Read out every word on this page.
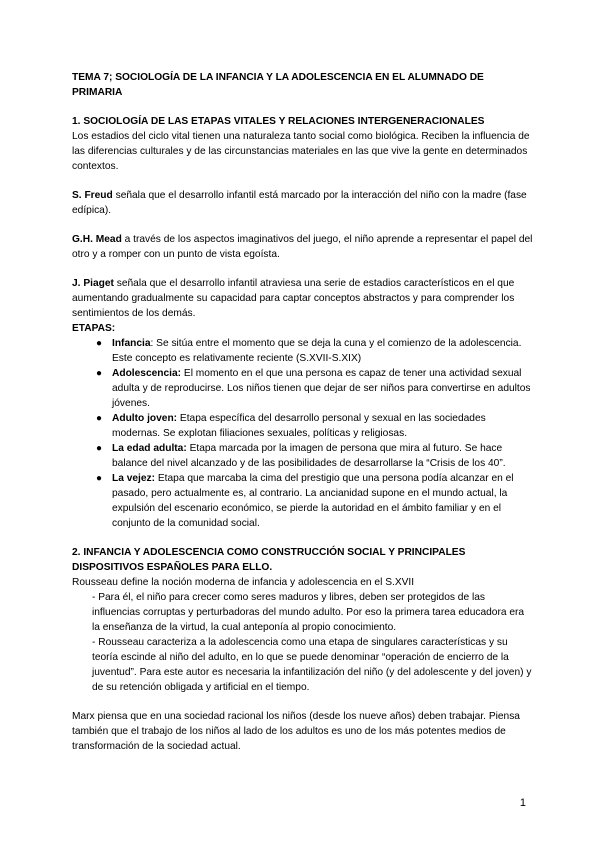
TEMA 7; SOCIOLOGÍA DE LA INFANCIA Y LA ADOLESCENCIA EN EL ALUMNADO DE PRIMARIA
1. SOCIOLOGÍA DE LAS ETAPAS VITALES Y RELACIONES INTERGENERACIONALES

Los estadios del ciclo vital tienen una naturaleza tanto social como biológica. Reciben la influencia de las diferencias culturales y de las circunstancias materiales en las que vive la gente en determinados contextos.

S. Freud señala que el desarrollo infantil está marcado por la interacción del niño con la madre (fase edípica).

G.H. Mead a través de los aspectos imaginativos del juego, el niño aprende a representar el papel del otro y a romper con un punto de vista egoísta.

J. Piaget señala que el desarrollo infantil atraviesa una serie de estadios característicos en el que aumentando gradualmente su capacidad para captar conceptos abstractos y para comprender los sentimientos de los demás.

ETAPAS:
● Infancia: Se sitúa entre el momento que se deja la cuna y el comienzo de la adolescencia. Este concepto es relativamente reciente (S.XVII-S.XIX)
● Adolescencia: El momento en el que una persona es capaz de tener una actividad sexual adulta y de reproducirse. Los niños tienen que dejar de ser niños para convertirse en adultos jóvenes.
● Adulto joven: Etapa específica del desarrollo personal y sexual en las sociedades modernas. Se explotan filiaciones sexuales, políticas y religiosas.
● La edad adulta: Etapa marcada por la imagen de persona que mira al futuro. Se hace balance del nivel alcanzado y de las posibilidades de desarrollarse la “Crisis de los 40”.
● La vejez: Etapa que marcaba la cima del prestigio que una persona podía alcanzar en el pasado, pero actualmente es, al contrario. La ancianidad supone en el mundo actual, la expulsión del escenario económico, se pierde la autoridad en el ámbito familiar y en el conjunto de la comunidad social.
2. INFANCIA Y ADOLESCENCIA COMO CONSTRUCCIÓN SOCIAL Y PRINCIPALES DISPOSITIVOS ESPAÑOLES PARA ELLO.

Rousseau define la noción moderna de infancia y adolescencia en el S.XVII

- Para él, el niño para crecer como seres maduros y libres, deben ser protegidos de las influencias corruptas y perturbadoras del mundo adulto. Por eso la primera tarea educadora era la enseñanza de la virtud, la cual anteponía al propio conocimiento.

- Rousseau caracteriza a la adolescencia como una etapa de singulares características y su teoría escinde al niño del adulto, en lo que se puede denominar “operación de encierro de la juventud”. Para este autor es necesaria la infantilización del niño (y del adolescente y del joven) y de su retención obligada y artificial en el tiempo.

Marx piensa que en una sociedad racional los niños (desde los nueve años) deben trabajar. Piensa también que el trabajo de los niños al lado de los adultos es uno de los más potentes medios de transformación de la sociedad actual.

1
